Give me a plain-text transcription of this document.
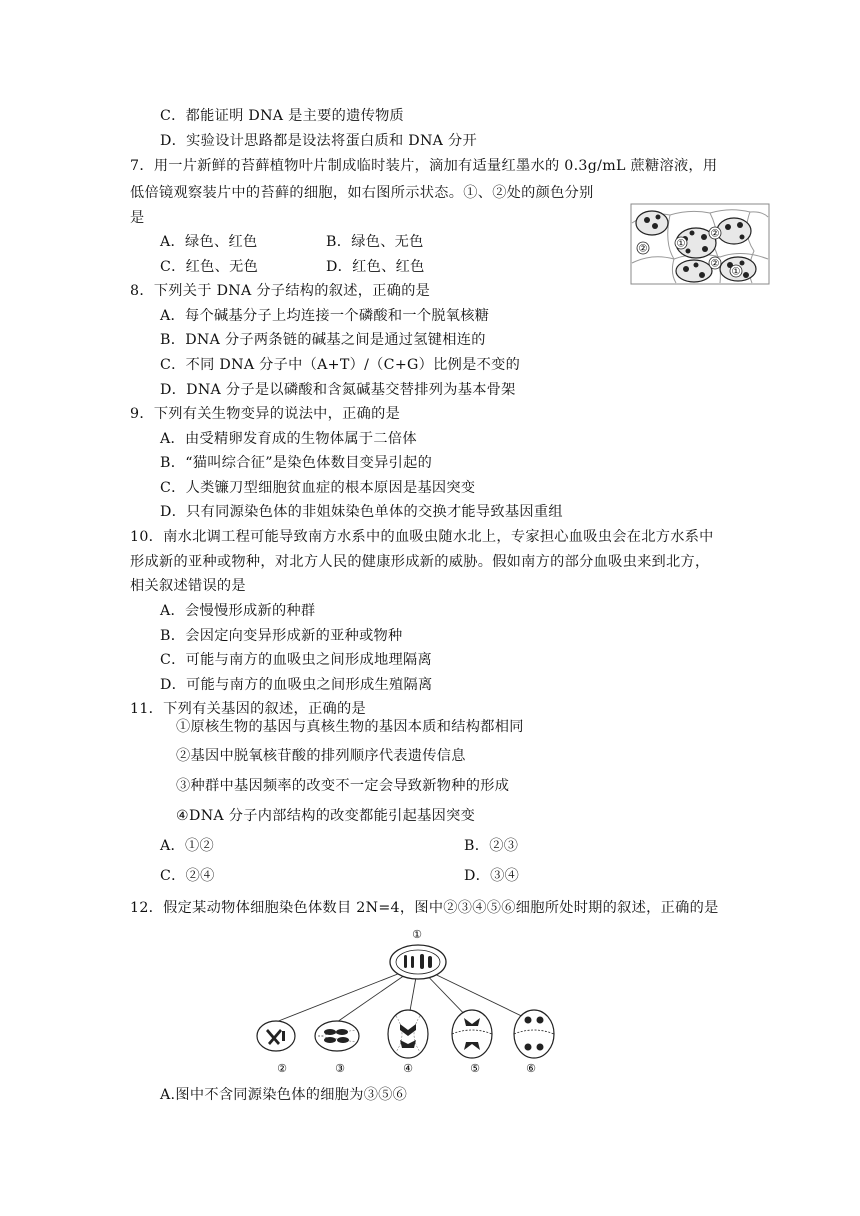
C．都能证明 DNA 是主要的遗传物质
D．实验设计思路都是设法将蛋白质和 DNA 分开
7．用一片新鲜的苔藓植物叶片制成临时装片，滴加有适量红墨水的 0.3g/mL 蔗糖溶液，用
低倍镜观察装片中的苔藓的细胞，如右图所示状态。①、②处的颜色分别
是
A．绿色、红色	B．绿色、无色
C．红色、无色	D．红色、红色
②	①
②
②
①
8．下列关于 DNA 分子结构的叙述，正确的是
A．每个碱基分子上均连接一个磷酸和一个脱氧核糖
B．DNA 分子两条链的碱基之间是通过氢键相连的
C．不同 DNA 分子中（A+T）/（C+G）比例是不变的
D．DNA 分子是以磷酸和含氮碱基交替排列为基本骨架
9．下列有关生物变异的说法中，正确的是
A．由受精卵发育成的生物体属于二倍体
B．“猫叫综合征”是染色体数目变异引起的
C．人类镰刀型细胞贫血症的根本原因是基因突变
D．只有同源染色体的非姐妹染色单体的交换才能导致基因重组
10．南水北调工程可能导致南方水系中的血吸虫随水北上，专家担心血吸虫会在北方水系中
形成新的亚种或物种，对北方人民的健康形成新的威胁。假如南方的部分血吸虫来到北方，
相关叙述错误的是
A．会慢慢形成新的种群
B．会因定向变异形成新的亚种或物种
C．可能与南方的血吸虫之间形成地理隔离
D．可能与南方的血吸虫之间形成生殖隔离
11．下列有关基因的叙述，正确的是
①原核生物的基因与真核生物的基因本质和结构都相同
②基因中脱氧核苷酸的排列顺序代表遗传信息
③种群中基因频率的改变不一定会导致新物种的形成
④DNA 分子内部结构的改变都能引起基因突变
A．①②	B．②③
C．②④	D．③④
12．假定某动物体细胞染色体数目 2N=4，图中②③④⑤⑥细胞所处时期的叙述，正确的是
①
②	③	④	⑤	⑥
A.图中不含同源染色体的细胞为③⑤⑥
